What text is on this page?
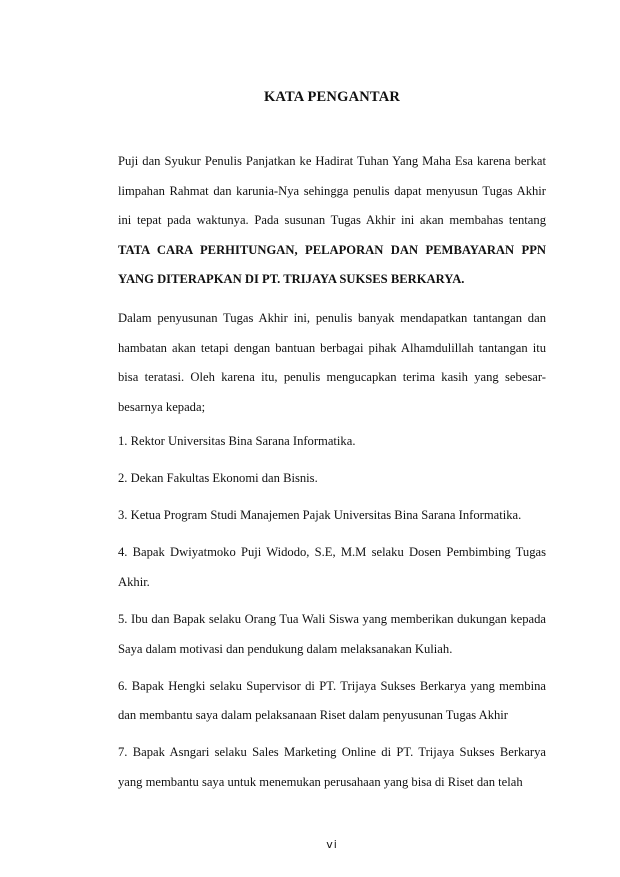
KATA PENGANTAR

Puji dan Syukur Penulis Panjatkan ke Hadirat Tuhan Yang Maha Esa karena berkat limpahan Rahmat dan karunia-Nya sehingga penulis dapat menyusun Tugas Akhir ini tepat pada waktunya. Pada susunan Tugas Akhir ini akan membahas tentang TATA CARA PERHITUNGAN, PELAPORAN DAN PEMBAYARAN PPN YANG DITERAPKAN DI PT. TRIJAYA SUKSES BERKARYA.

Dalam penyusunan Tugas Akhir ini, penulis banyak mendapatkan tantangan dan hambatan akan tetapi dengan bantuan berbagai pihak Alhamdulillah tantangan itu bisa teratasi. Oleh karena itu, penulis mengucapkan terima kasih yang sebesar-besarnya kepada;

1. Rektor Universitas Bina Sarana Informatika.

2. Dekan Fakultas Ekonomi dan Bisnis.

3. Ketua Program Studi Manajemen Pajak Universitas Bina Sarana Informatika.

4. Bapak Dwiyatmoko Puji Widodo, S.E, M.M selaku Dosen Pembimbing Tugas Akhir.

5. Ibu dan Bapak selaku Orang Tua Wali Siswa yang memberikan dukungan kepada Saya dalam motivasi dan pendukung dalam melaksanakan Kuliah.

6. Bapak Hengki selaku Supervisor di PT. Trijaya Sukses Berkarya yang membina dan membantu saya dalam pelaksanaan Riset dalam penyusunan Tugas Akhir

7. Bapak Asngari selaku Sales Marketing Online di PT. Trijaya Sukses Berkarya yang membantu saya untuk menemukan perusahaan yang bisa di Riset dan telah

vi
